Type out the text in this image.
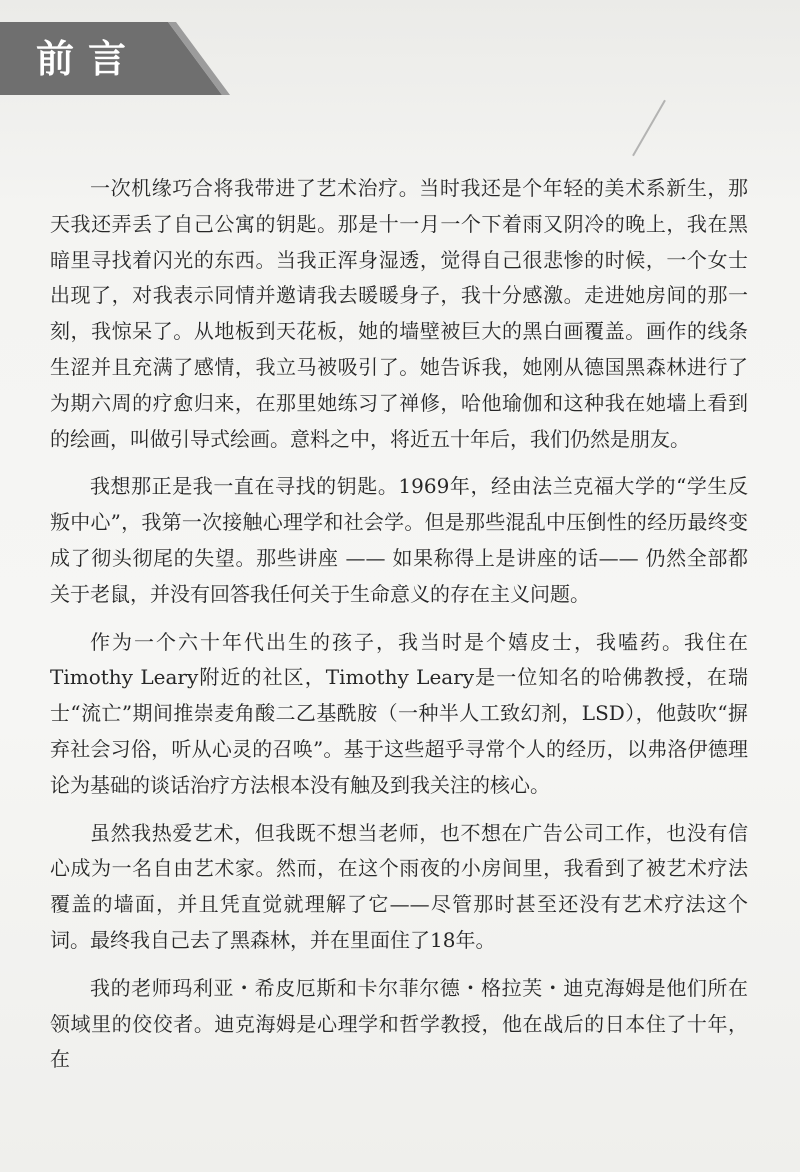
前言

一次机缘巧合将我带进了艺术治疗。当时我还是个年轻的美术系新生，那天我还弄丢了自己公寓的钥匙。那是十一月一个下着雨又阴冷的晚上，我在黑暗里寻找着闪光的东西。当我正浑身湿透，觉得自己很悲惨的时候，一个女士出现了，对我表示同情并邀请我去暖暖身子，我十分感激。走进她房间的那一刻，我惊呆了。从地板到天花板，她的墙壁被巨大的黑白画覆盖。画作的线条生涩并且充满了感情，我立马被吸引了。她告诉我，她刚从德国黑森林进行了为期六周的疗愈归来，在那里她练习了禅修，哈他瑜伽和这种我在她墙上看到的绘画，叫做引导式绘画。意料之中，将近五十年后，我们仍然是朋友。

我想那正是我一直在寻找的钥匙。1969年，经由法兰克福大学的“学生反叛中心”，我第一次接触心理学和社会学。但是那些混乱中压倒性的经历最终变成了彻头彻尾的失望。那些讲座 —— 如果称得上是讲座的话—— 仍然全部都关于老鼠，并没有回答我任何关于生命意义的存在主义问题。

作为一个六十年代出生的孩子，我当时是个嬉皮士，我嗑药。我住在Timothy Leary附近的社区，Timothy Leary是一位知名的哈佛教授，在瑞士“流亡”期间推崇麦角酸二乙基酰胺（一种半人工致幻剂，LSD），他鼓吹“摒弃社会习俗，听从心灵的召唤”。基于这些超乎寻常个人的经历，以弗洛伊德理论为基础的谈话治疗方法根本没有触及到我关注的核心。

虽然我热爱艺术，但我既不想当老师，也不想在广告公司工作，也没有信心成为一名自由艺术家。然而，在这个雨夜的小房间里，我看到了被艺术疗法覆盖的墙面，并且凭直觉就理解了它——尽管那时甚至还没有艺术疗法这个词。最终我自己去了黑森林，并在里面住了18年。

我的老师玛利亚・希皮厄斯和卡尔菲尔德・格拉芙・迪克海姆是他们所在领域里的佼佼者。迪克海姆是心理学和哲学教授，他在战后的日本住了十年，在
